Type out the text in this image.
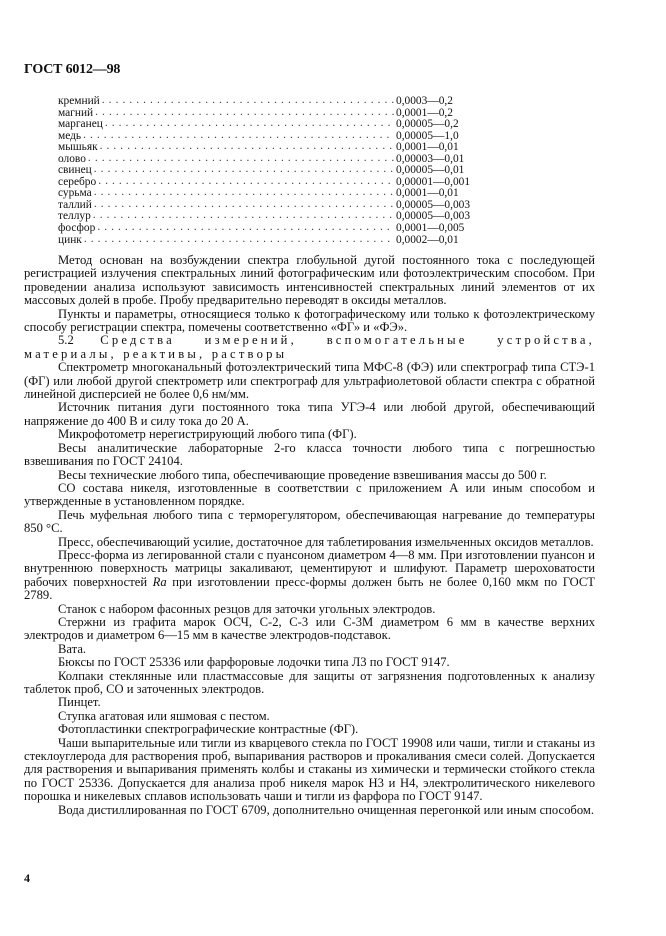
ГОСТ 6012—98
кремний . . .	0,0003—0,2
магний . . .	0,0001—0,2
марганец . . .	0,00005—0,2
медь . . .	0,00005—1,0
мышьяк . . .	0,0001—0,01
олово . . .	0,00003—0,01
свинец . . .	0,00005—0,01
серебро . . .	0,00001—0,001
сурьма . . .	0,0001—0,01
таллий . . .	0,00005—0,003
теллур . . .	0,00005—0,003
фосфор . . .	0,0001—0,005
цинк . . .	0,0002—0,01

Метод основан на возбуждении спектра глобульной дугой постоянного тока с последующей регистрацией излучения спектральных линий фотографическим или фотоэлектрическим способом. При проведении анализа используют зависимость интенсивностей спектральных линий элементов от их массовых долей в пробе. Пробу предварительно переводят в оксиды металлов.

Пункты и параметры, относящиеся только к фотографическому или только к фотоэлектрическому способу регистрации спектра, помечены соответственно «ФГ» и «ФЭ».

5.2 Средства измерений, вспомогательные устройства, материалы, реактивы, растворы

Спектрометр многоканальный фотоэлектрический типа МФС-8 (ФЭ) или спектрограф типа СТЭ-1 (ФГ) или любой другой спектрометр или спектрограф для ультрафиолетовой области спектра с обратной линейной дисперсией не более 0,6 нм/мм.

Источник питания дуги постоянного тока типа УГЭ-4 или любой другой, обеспечивающий напряжение до 400 В и силу тока до 20 А.

Микрофотометр нерегистрирующий любого типа (ФГ).

Весы аналитические лабораторные 2-го класса точности любого типа с погрешностью взвешивания по ГОСТ 24104.

Весы технические любого типа, обеспечивающие проведение взвешивания массы до 500 г.

СО состава никеля, изготовленные в соответствии с приложением А или иным способом и утвержденные в установленном порядке.

Печь муфельная любого типа с терморегулятором, обеспечивающая нагревание до температуры 850 °С.

Пресс, обеспечивающий усилие, достаточное для таблетирования измельченных оксидов металлов.

Пресс-форма из легированной стали с пуансоном диаметром 4—8 мм. При изготовлении пуансон и внутреннюю поверхность матрицы закаливают, цементируют и шлифуют. Параметр шероховатости рабочих поверхностей Ra при изготовлении пресс-формы должен быть не более 0,160 мкм по ГОСТ 2789.

Станок с набором фасонных резцов для заточки угольных электродов.

Стержни из графита марок ОСЧ, С-2, С-3 или С-3М диаметром 6 мм в качестве верхних электродов и диаметром 6—15 мм в качестве электродов-подставок.

Вата.

Бюксы по ГОСТ 25336 или фарфоровые лодочки типа Л3 по ГОСТ 9147.

Колпаки стеклянные или пластмассовые для защиты от загрязнения подготовленных к анализу таблеток проб, СО и заточенных электродов.

Пинцет.

Ступка агатовая или яшмовая с пестом.

Фотопластинки спектрографические контрастные (ФГ).

Чаши выпарительные или тигли из кварцевого стекла по ГОСТ 19908 или чаши, тигли и стаканы из стеклоуглерода для растворения проб, выпаривания растворов и прокаливания смеси солей. Допускается для растворения и выпаривания применять колбы и стаканы из химически и термически стойкого стекла по ГОСТ 25336. Допускается для анализа проб никеля марок Н3 и Н4, электролитического никелевого порошка и никелевых сплавов использовать чаши и тигли из фарфора по ГОСТ 9147.

Вода дистиллированная по ГОСТ 6709, дополнительно очищенная перегонкой или иным способом.

4
